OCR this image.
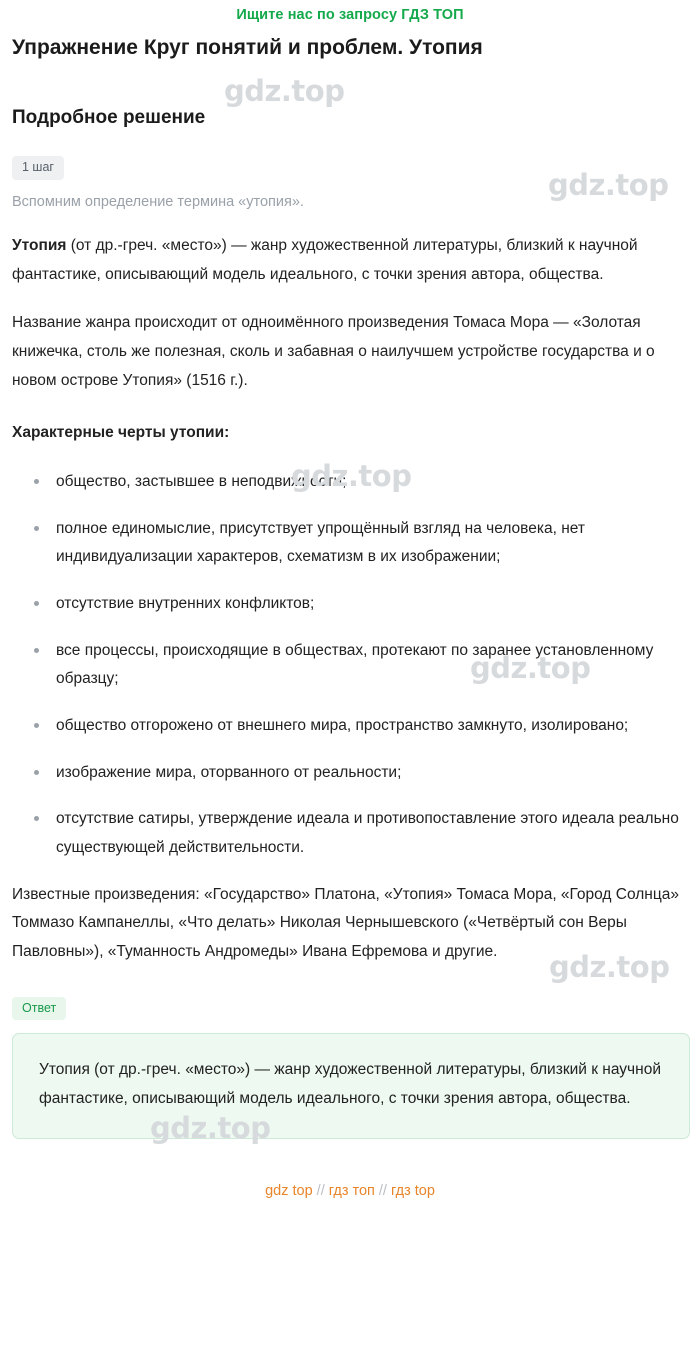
Ищите нас по запросу ГДЗ ТОП
Упражнение Круг понятий и проблем. Утопия
Подробное решение
1 шаг
Вспомним определение термина «утопия».

Утопия (от др.-греч. «место») — жанр художественной литературы, близкий к научной фантастике, описывающий модель идеального, с точки зрения автора, общества.

Название жанра происходит от одноимённого произведения Томаса Мора — «Золотая книжечка, столь же полезная, сколь и забавная о наилучшем устройстве государства и о новом острове Утопия» (1516 г.).

Характерные черты утопии:
общество, застывшее в неподвижности;
полное единомыслие, присутствует упрощённый взгляд на человека, нет индивидуализации характеров, схематизм в их изображении;
отсутствие внутренних конфликтов;
все процессы, происходящие в обществах, протекают по заранее установленному образцу;
общество отгорожено от внешнего мира, пространство замкнуто, изолировано;
изображение мира, оторванного от реальности;
отсутствие сатиры, утверждение идеала и противопоставление этого идеала реально существующей действительности.

Известные произведения: «Государство» Платона, «Утопия» Томаса Мора, «Город Солнца» Томмазо Кампанеллы, «Что делать» Николая Чернышевского («Четвёртый сон Веры Павловны»), «Туманность Андромеды» Ивана Ефремова и другие.

Ответ
Утопия (от др.-греч. «место») — жанр художественной литературы, близкий к научной фантастике, описывающий модель идеального, с точки зрения автора, общества.
gdz top // гдз топ // гдз top
gdz.top
gdz.top
gdz.top
gdz.top
gdz.top
gdz.top
